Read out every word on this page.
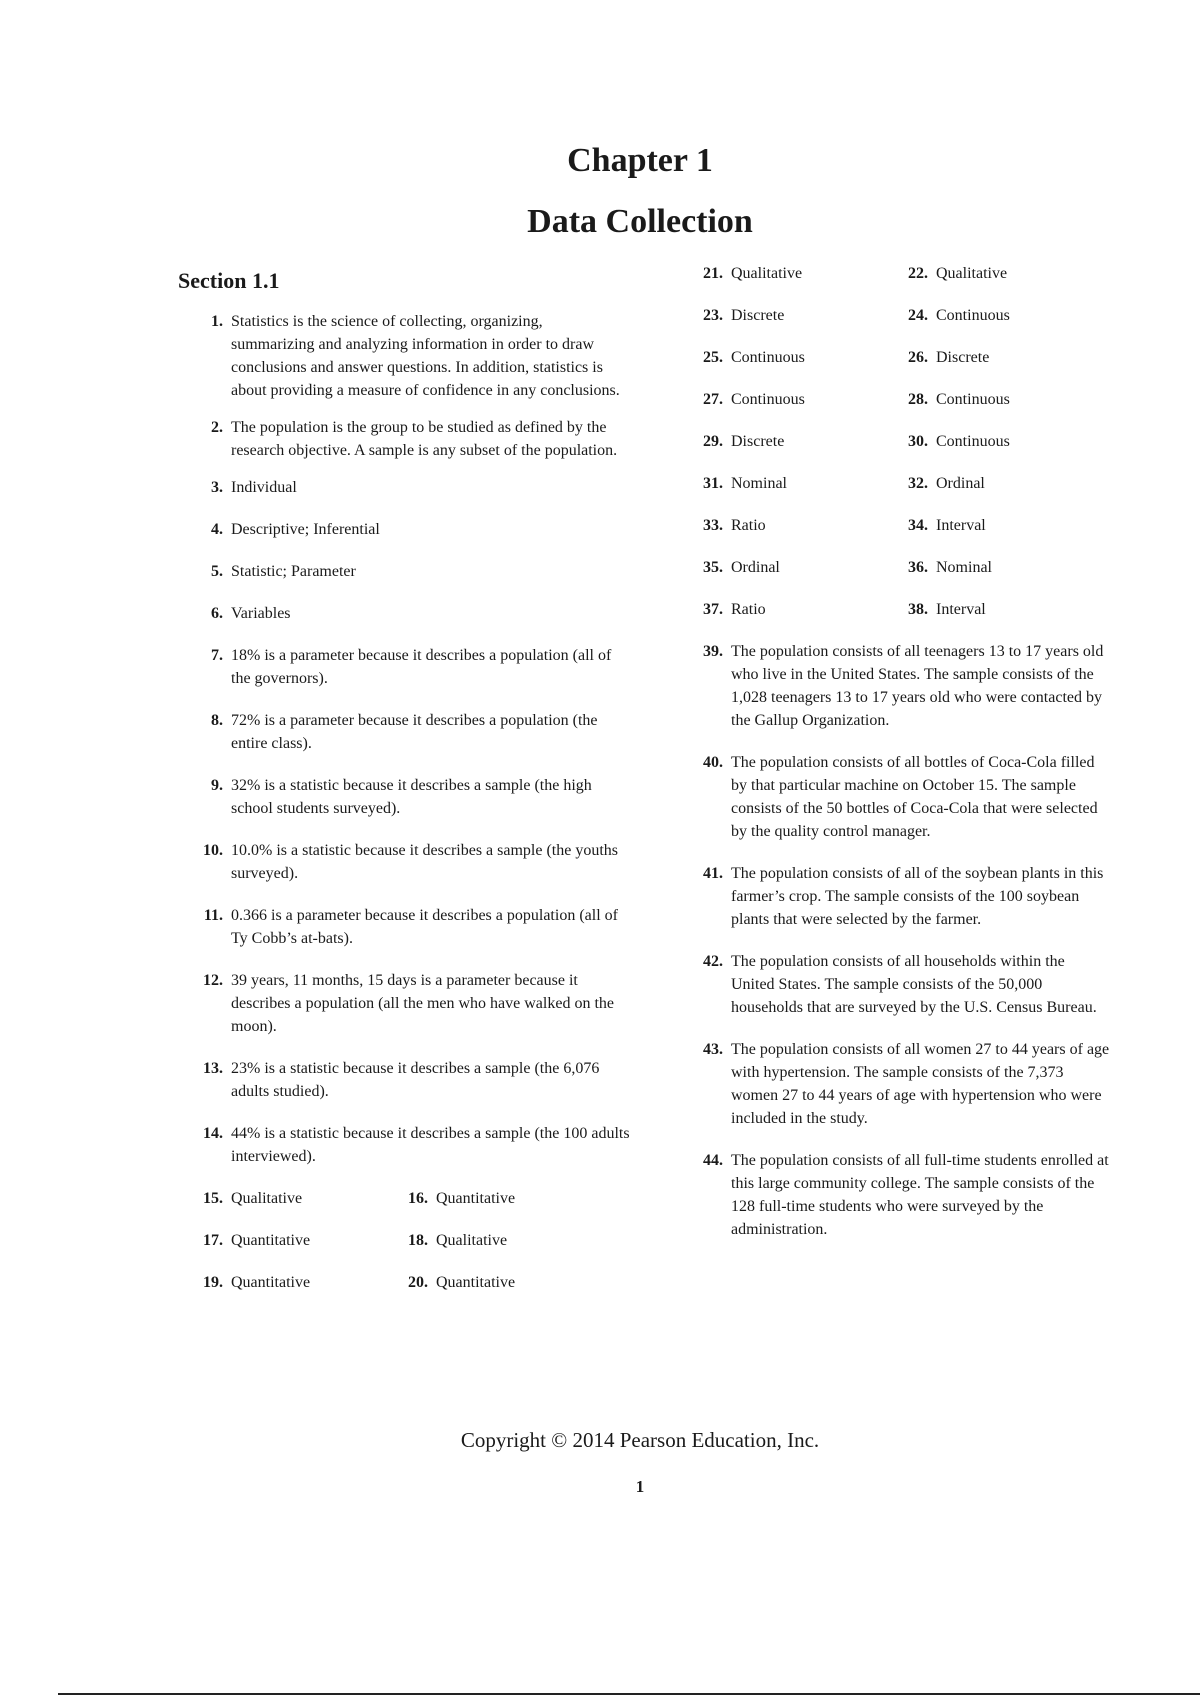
Chapter 1
Data Collection
Section 1.1
1. Statistics is the science of collecting, organizing, summarizing and analyzing information in order to draw conclusions and answer questions. In addition, statistics is about providing a measure of confidence in any conclusions.
2. The population is the group to be studied as defined by the research objective. A sample is any subset of the population.
3. Individual
4. Descriptive; Inferential
5. Statistic; Parameter
6. Variables
7. 18% is a parameter because it describes a population (all of the governors).
8. 72% is a parameter because it describes a population (the entire class).
9. 32% is a statistic because it describes a sample (the high school students surveyed).
10. 10.0% is a statistic because it describes a sample (the youths surveyed).
11. 0.366 is a parameter because it describes a population (all of Ty Cobb’s at-bats).
12. 39 years, 11 months, 15 days is a parameter because it describes a population (all the men who have walked on the moon).
13. 23% is a statistic because it describes a sample (the 6,076 adults studied).
14. 44% is a statistic because it describes a sample (the 100 adults interviewed).
15. Qualitative	16. Quantitative
17. Quantitative	18. Qualitative
19. Quantitative	20. Quantitative
21. Qualitative	22. Qualitative
23. Discrete	24. Continuous
25. Continuous	26. Discrete
27. Continuous	28. Continuous
29. Discrete	30. Continuous
31. Nominal	32. Ordinal
33. Ratio	34. Interval
35. Ordinal	36. Nominal
37. Ratio	38. Interval
39. The population consists of all teenagers 13 to 17 years old who live in the United States. The sample consists of the 1,028 teenagers 13 to 17 years old who were contacted by the Gallup Organization.
40. The population consists of all bottles of Coca-Cola filled by that particular machine on October 15. The sample consists of the 50 bottles of Coca-Cola that were selected by the quality control manager.
41. The population consists of all of the soybean plants in this farmer’s crop. The sample consists of the 100 soybean plants that were selected by the farmer.
42. The population consists of all households within the United States. The sample consists of the 50,000 households that are surveyed by the U.S. Census Bureau.
43. The population consists of all women 27 to 44 years of age with hypertension. The sample consists of the 7,373 women 27 to 44 years of age with hypertension who were included in the study.
44. The population consists of all full-time students enrolled at this large community college. The sample consists of the 128 full-time students who were surveyed by the administration.
Copyright © 2014 Pearson Education, Inc.
1
